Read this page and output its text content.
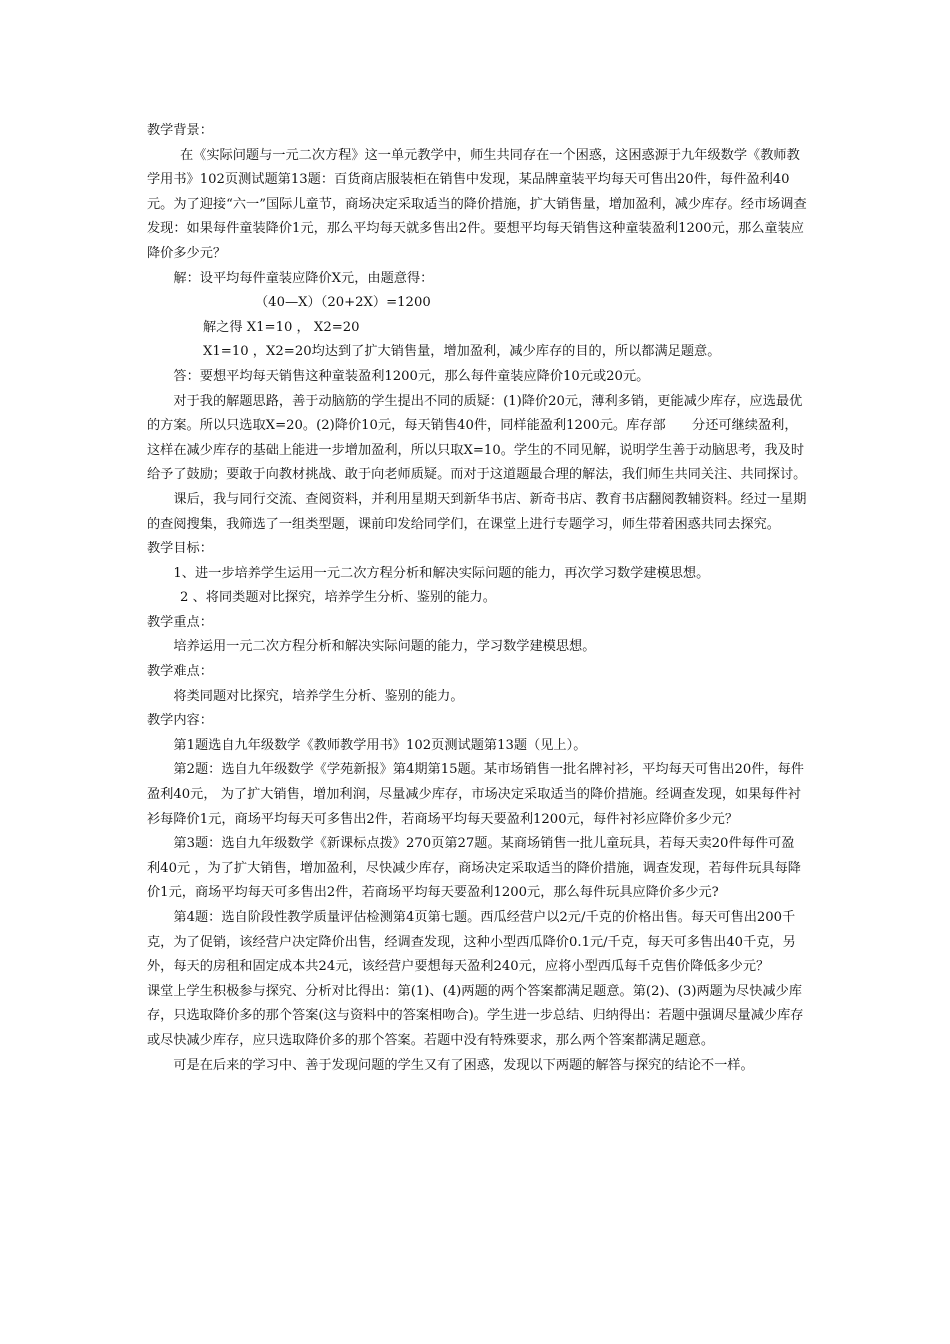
教学背景：

在《实际问题与一元二次方程》这一单元教学中，师生共同存在一个困惑，这困惑源于九年级数学《教师教学用书》102页测试题第13题：百货商店服装柜在销售中发现，某品牌童装平均每天可售出20件，每件盈利40元。为了迎接“六一”国际儿童节，商场决定采取适当的降价措施，扩大销售量，增加盈利，减少库存。经市场调查发现：如果每件童装降价1元，那么平均每天就多售出2件。要想平均每天销售这种童装盈利1200元，那么童装应降价多少元？

解：设平均每件童装应降价X元，由题意得：

（40—X）（20+2X）=1200

解之得 X1=10 ， X2=20

X1=10 ，X2=20均达到了扩大销售量，增加盈利，减少库存的目的，所以都满足题意。

答：要想平均每天销售这种童装盈利1200元，那么每件童装应降价10元或20元。

对于我的解题思路，善于动脑筋的学生提出不同的质疑：(1)降价20元，薄利多销，更能减少库存，应选最优的方案。所以只选取X=20。(2)降价10元，每天销售40件，同样能盈利1200元。库存部　　分还可继续盈利，这样在减少库存的基础上能进一步增加盈利，所以只取X=10。学生的不同见解，说明学生善于动脑思考，我及时给予了鼓励；要敢于向教材挑战、敢于向老师质疑。而对于这道题最合理的解法，我们师生共同关注、共同探讨。

课后，我与同行交流、查阅资料，并利用星期天到新华书店、新奇书店、教育书店翻阅教辅资料。经过一星期的查阅搜集，我筛选了一组类型题，课前印发给同学们，在课堂上进行专题学习，师生带着困惑共同去探究。

教学目标：

1、进一步培养学生运用一元二次方程分析和解决实际问题的能力，再次学习数学建模思想。

2 、将同类题对比探究，培养学生分析、鉴别的能力。

教学重点：

培养运用一元二次方程分析和解决实际问题的能力，学习数学建模思想。

教学难点：

将类同题对比探究，培养学生分析、鉴别的能力。

教学内容：

第1题选自九年级数学《教师教学用书》102页测试题第13题（见上）。

第2题：选自九年级数学《学苑新报》第4期第15题。某市场销售一批名牌衬衫，平均每天可售出20件，每件盈利40元， 为了扩大销售，增加利润，尽量减少库存，市场决定采取适当的降价措施。经调查发现，如果每件衬衫每降价1元，商场平均每天可多售出2件，若商场平均每天要盈利1200元，每件衬衫应降价多少元？

第3题：选自九年级数学《新课标点拨》270页第27题。某商场销售一批儿童玩具，若每天卖20件每件可盈利40元 ，为了扩大销售，增加盈利，尽快减少库存，商场决定采取适当的降价措施，调查发现，若每件玩具每降价1元，商场平均每天可多售出2件，若商场平均每天要盈利1200元，那么每件玩具应降价多少元?

第4题：选自阶段性教学质量评估检测第4页第七题。西瓜经营户以2元/千克的价格出售。每天可售出200千克，为了促销，该经营户决定降价出售，经调查发现，这种小型西瓜降价0.1元/千克，每天可多售出40千克，另外，每天的房租和固定成本共24元，该经营户要想每天盈利240元，应将小型西瓜每千克售价降低多少元？　　课堂上学生积极参与探究、分析对比得出：第(1)、(4)两题的两个答案都满足题意。第(2)、(3)两题为尽快减少库存，只选取降价多的那个答案(这与资料中的答案相吻合)。学生进一步总结、归纳得出：若题中强调尽量减少库存或尽快减少库存，应只选取降价多的那个答案。若题中没有特殊要求，那么两个答案都满足题意。

可是在后来的学习中、善于发现问题的学生又有了困惑，发现以下两题的解答与探究的结论不一样。
